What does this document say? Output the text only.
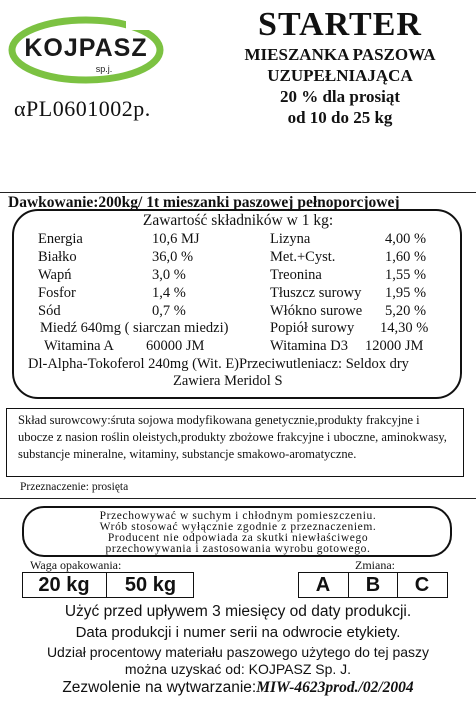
KOJPASZ
sp.j.
αPL0601002p.
STARTER
MIESZANKA PASZOWA
UZUPEŁNIAJĄCA
20 % dla prosiąt
od 10 do 25 kg
Dawkowanie:200kg/ 1t mieszanki paszowej pełnoporcjowej
Zawartość składników w 1 kg:
Energia	10,6 MJ	Lizyna	4,00 %
Białko	36,0 %	Met.+Cyst.	1,60 %
Wapń	3,0 %	Treonina	1,55 %
Fosfor	1,4 %	Tłuszcz surowy 1,95 %
Sód	0,7 %	Włókno surowe 5,20 %
Miedź 640mg ( siarczan miedzi)	Popiół surowy 14,30 %
Witamina A 60000 JM	Witamina D3 12000 JM
Dl-Alpha-Tokoferol 240mg (Wit. E)Przeciwutleniacz: Seldox dry
Zawiera Meridol S
Skład surowcowy:śruta sojowa modyfikowana genetycznie,produkty frakcyjne i ubocze z nasion roślin oleistych,produkty zbożowe frakcyjne i uboczne, aminokwasy, substancje mineralne, witaminy, substancje smakowo-aromatyczne.
Przeznaczenie: prosięta
Przechowywać w suchym i chłodnym pomieszczeniu.
Wrób stosować wyłącznie zgodnie z przeznaczeniem.
Producent nie odpowiada za skutki niewłaściwego
przechowywania i zastosowania wyrobu gotowego.
Waga opakowania:
20 kg	50 kg
Zmiana:
A	B	C
Użyć przed upływem 3 miesięcy od daty produkcji.
Data produkcji i numer serii na odwrocie etykiety.
Udział procentowy materiału paszowego użytego do tej paszy
można uzyskać od: KOJPASZ Sp. J.
Zezwolenie na wytwarzanie:MIW-4623prod./02/2004
